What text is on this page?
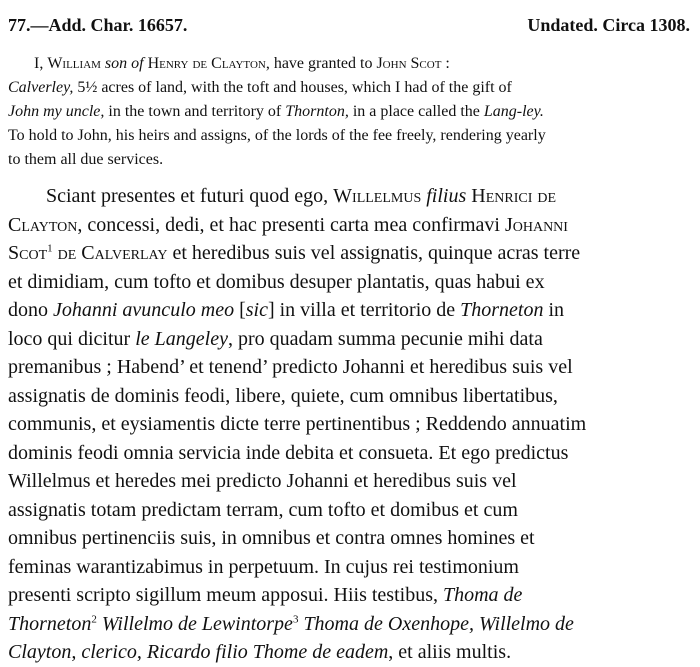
77.—Add. Char. 16657.	Undated. Circa 1308.
I, William son of Henry de Clayton, have granted to John Scot :
Calverley, 5½ acres of land, with the toft and houses, which I had of the gift of
John my uncle, in the town and territory of Thornton, in a place called the Lang-ley.
To hold to John, his heirs and assigns, of the lords of the fee freely, rendering yearly
to them all due services.
Sciant presentes et futuri quod ego, Willelmus filius Henrici de
Clayton, concessi, dedi, et hac presenti carta mea confirmavi Johanni
Scot$^1$ de Calverlay et heredibus suis vel assignatis, quinque acras terre
et dimidiam, cum tofto et domibus desuper plantatis, quas habui ex
dono Johanni avunculo meo [sic] in villa et territorio de Thorneton in
loco qui dicitur le Langeley, pro quadam summa pecunie mihi data
premanibus ; Habend’ et tenend’ predicto Johanni et heredibus suis vel
assignatis de dominis feodi, libere, quiete, cum omnibus libertatibus,
communis, et eysiamentis dicte terre pertinentibus ; Reddendo annuatim
dominis feodi omnia servicia inde debita et consueta. Et ego predictus
Willelmus et heredes mei predicto Johanni et heredibus suis vel
assignatis totam predictam terram, cum tofto et domibus et cum
omnibus pertinenciis suis, in omnibus et contra omnes homines et
feminas warantizabimus in perpetuum. In cujus rei testimonium
presenti scripto sigillum meum apposui. Hiis testibus, Thoma de
Thorneton$^2$ Willelmo de Lewintorpe$^3$ Thoma de Oxenhope, Willelmo de
Clayton, clerico, Ricardo filio Thome de eadem, et aliis multis.
